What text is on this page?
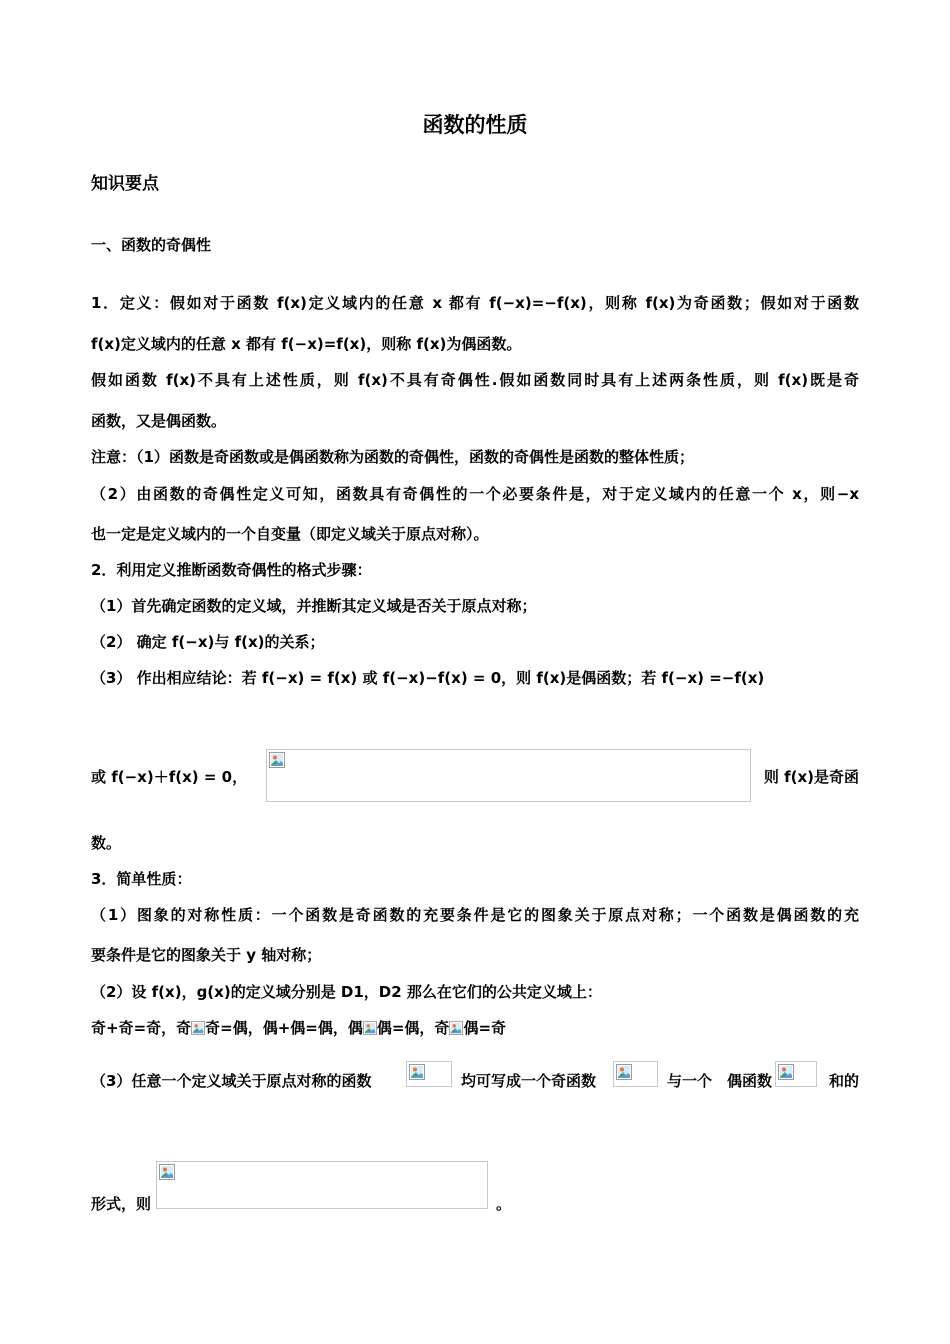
函数的性质
知识要点
一、函数的奇偶性
1．定义：假如对于函数 f(x)定义域内的任意 x 都有 f(−x)=−f(x)，则称 f(x)为奇函数；假如对于函数
f(x)定义域内的任意 x 都有 f(−x)=f(x)，则称 f(x)为偶函数。
假如函数 f(x)不具有上述性质，则 f(x)不具有奇偶性.假如函数同时具有上述两条性质，则 f(x)既是奇
函数，又是偶函数。
注意：（1）函数是奇函数或是偶函数称为函数的奇偶性，函数的奇偶性是函数的整体性质；
（2）由函数的奇偶性定义可知，函数具有奇偶性的一个必要条件是，对于定义域内的任意一个 x，则−x
也一定是定义域内的一个自变量（即定义域关于原点对称）。
2．利用定义推断函数奇偶性的格式步骤：
（1）首先确定函数的定义域，并推断其定义域是否关于原点对称；
（2） 确定 f(−x)与 f(x)的关系；
（3） 作出相应结论：若 f(−x) = f(x) 或 f(−x)−f(x) = 0，则 f(x)是偶函数；若 f(−x) =−f(x)
或 f(−x)＋f(x) = 0，	则 f(x)是奇函
数。
3．简单性质：
（1）图象的对称性质：一个函数是奇函数的充要条件是它的图象关于原点对称；一个函数是偶函数的充
要条件是它的图象关于 y 轴对称；
（2）设 f(x)，g(x)的定义域分别是 D1，D2 那么在它们的公共定义域上：
奇+奇=奇，奇 奇=偶，偶+偶=偶，偶 偶=偶，奇 偶=奇
（3）任意一个定义域关于原点对称的函数	均可写成一个奇函数	与一个 偶函数	和的
形式，则	。
